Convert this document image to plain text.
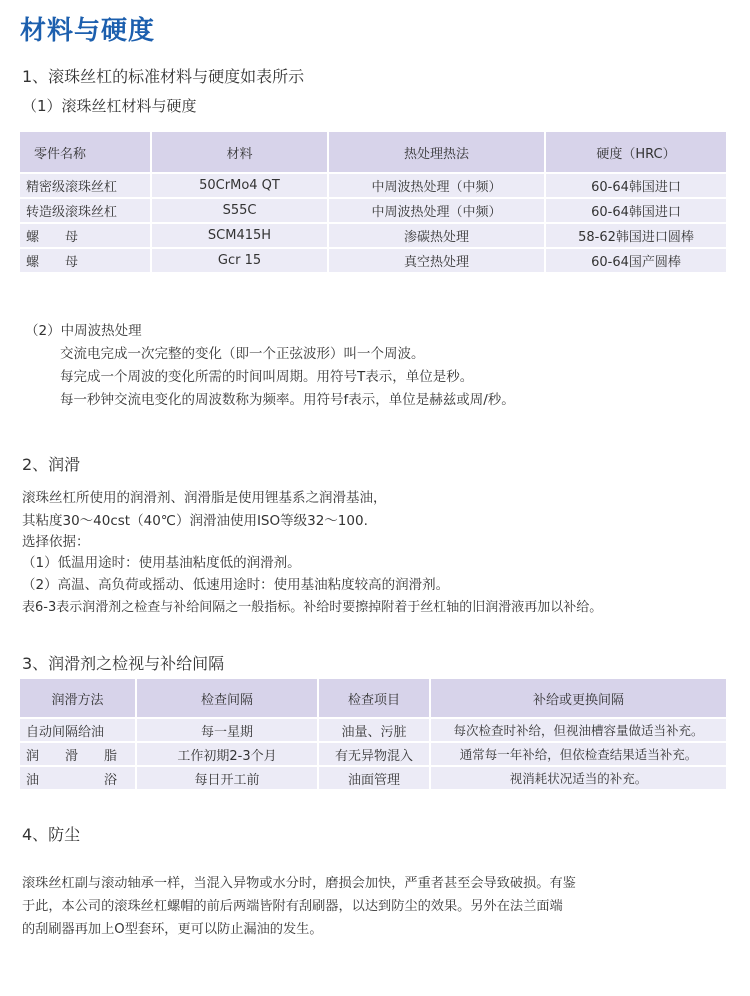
材料与硬度
1、滚珠丝杠的标准材料与硬度如表所示
（1）滚珠丝杠材料与硬度
零件名称	材料	热处理热法	硬度（HRC）
精密级滚珠丝杠	50CrMo4 QT	中周波热处理（中频）	60-64韩国进口
转造级滚珠丝杠	S55C	中周波热处理（中频）	60-64韩国进口
螺　　母	SCM415H	渗碳热处理	58-62韩国进口圆棒
螺　　母	Gcr 15	真空热处理	60-64国产圆棒
（2）中周波热处理
交流电完成一次完整的变化（即一个正弦波形）叫一个周波。
每完成一个周波的变化所需的时间叫周期。用符号T表示，单位是秒。
每一秒钟交流电变化的周波数称为频率。用符号f表示，单位是赫兹或周/秒。
2、润滑
滚珠丝杠所使用的润滑剂、润滑脂是使用锂基系之润滑基油，
其粘度30～40cst（40℃）润滑油使用ISO等级32～100.
选择依据：
（1）低温用途时：使用基油粘度低的润滑剂。
（2）高温、高负荷或摇动、低速用途时：使用基油粘度较高的润滑剂。
表6-3表示润滑剂之检查与补给间隔之一般指标。补给时要擦掉附着于丝杠轴的旧润滑液再加以补给。
3、润滑剂之检视与补给间隔
润滑方法	检查间隔	检查项目	补给或更换间隔
自动间隔给油	每一星期	油量、污脏	每次检查时补给，但视油槽容量做适当补充。
润　　滑　　脂	工作初期2-3个月	有无异物混入	通常每一年补给，但依检查结果适当补充。
油　　　　　浴	每日开工前	油面管理	视消耗状况适当的补充。
4、防尘
滚珠丝杠副与滚动轴承一样，当混入异物或水分时，磨损会加快，严重者甚至会导致破损。有鉴
于此，本公司的滚珠丝杠螺帽的前后两端皆附有刮刷器，以达到防尘的效果。另外在法兰面端
的刮刷器再加上O型套环，更可以防止漏油的发生。
